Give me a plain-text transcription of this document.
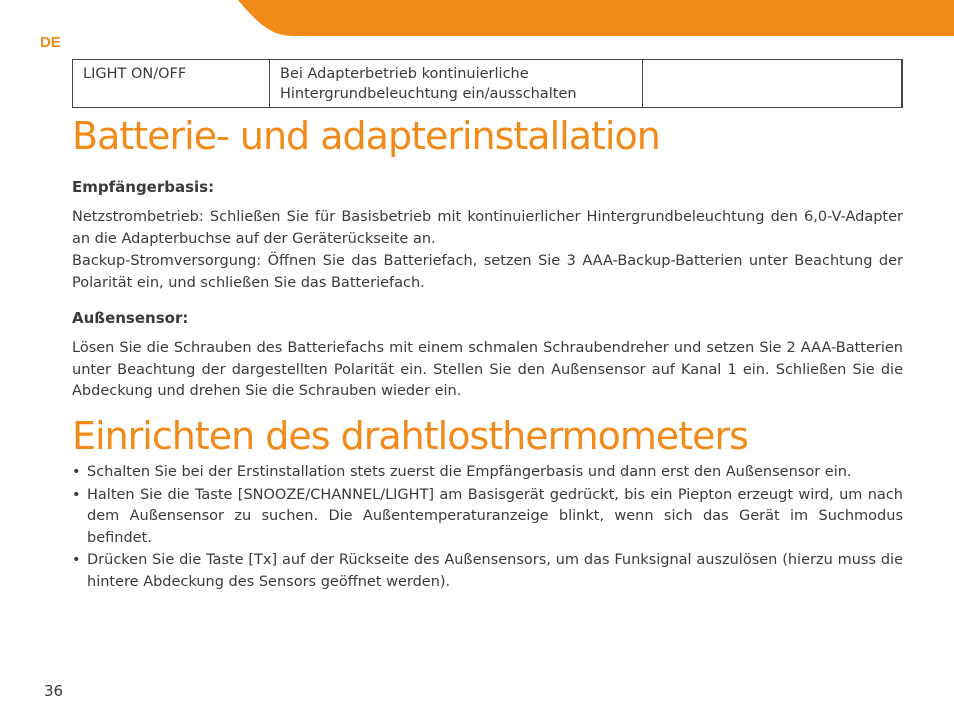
DE

LIGHT ON/OFF	Bei Adapterbetrieb kontinuierliche
Hintergrundbeleuchtung ein/ausschalten	
Batterie- und adapterinstallation
Empfängerbasis:

Netzstrombetrieb: Schließen Sie für Basisbetrieb mit kontinuierlicher Hintergrundbeleuchtung den 6,0-V-Adapter an die Adapterbuchse auf der Geräterückseite an.

Backup-Stromversorgung: Öffnen Sie das Batteriefach, setzen Sie 3 AAA-Backup-Batterien unter Beachtung der Polarität ein, und schließen Sie das Batteriefach.

Außensensor:

Lösen Sie die Schrauben des Batteriefachs mit einem schmalen Schraubendreher und setzen Sie 2 AAA-Batterien unter Beachtung der dargestellten Polarität ein. Stellen Sie den Außensensor auf Kanal 1 ein. Schließen Sie die Abdeckung und drehen Sie die Schrauben wieder ein.

Einrichten des drahtlosthermometers
• Schalten Sie bei der Erstinstallation stets zuerst die Empfängerbasis und dann erst den Außensensor ein.
• Halten Sie die Taste [SNOOZE/CHANNEL/LIGHT] am Basisgerät gedrückt, bis ein Piepton erzeugt wird, um nach dem Außensensor zu suchen. Die Außentemperaturanzeige blinkt, wenn sich das Gerät im Suchmodus befindet.
• Drücken Sie die Taste [Tx] auf der Rückseite des Außensensors, um das Funksignal auszulösen (hierzu muss die hintere Abdeckung des Sensors geöffnet werden).

36
